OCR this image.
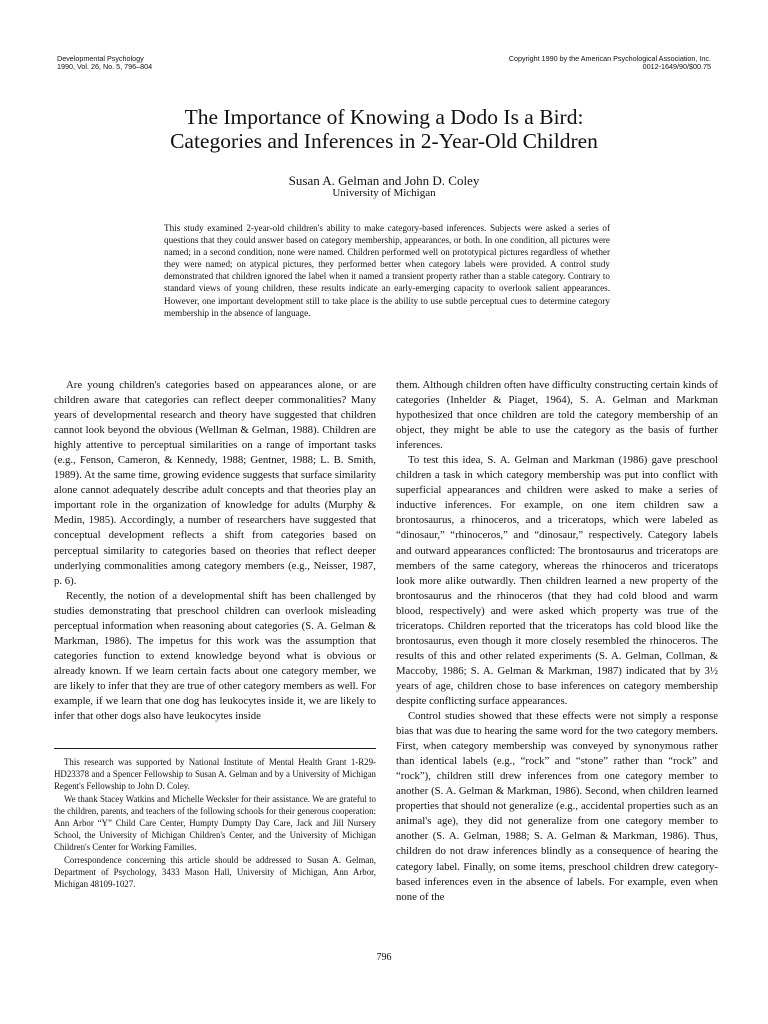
Developmental Psychology
1990, Vol. 26, No. 5, 796–804
Copyright 1990 by the American Psychological Association, Inc.
0012-1649/90/$00.75
The Importance of Knowing a Dodo Is a Bird:
Categories and Inferences in 2-Year-Old Children
Susan A. Gelman and John D. Coley
University of Michigan
This study examined 2-year-old children's ability to make category-based inferences. Subjects were asked a series of questions that they could answer based on category membership, appearances, or both. In one condition, all pictures were named; in a second condition, none were named. Children performed well on prototypical pictures regardless of whether they were named; on atypical pictures, they performed better when category labels were provided. A control study demonstrated that children ignored the label when it named a transient property rather than a stable category. Contrary to standard views of young children, these results indicate an early-emerging capacity to overlook salient appearances. However, one important development still to take place is the ability to use subtle perceptual cues to determine category membership in the absence of language.

Are young children's categories based on appearances alone, or are children aware that categories can reflect deeper commonalities? Many years of developmental research and theory have suggested that children cannot look beyond the obvious (Wellman & Gelman, 1988). Children are highly attentive to perceptual similarities on a range of important tasks (e.g., Fenson, Cameron, & Kennedy, 1988; Gentner, 1988; L. B. Smith, 1989). At the same time, growing evidence suggests that surface similarity alone cannot adequately describe adult concepts and that theories play an important role in the organization of knowledge for adults (Murphy & Medin, 1985). Accordingly, a number of researchers have suggested that conceptual development reflects a shift from categories based on perceptual similarity to categories based on theories that reflect deeper underlying commonalities among category members (e.g., Neisser, 1987, p. 6).

Recently, the notion of a developmental shift has been challenged by studies demonstrating that preschool children can overlook misleading perceptual information when reasoning about categories (S. A. Gelman & Markman, 1986). The impetus for this work was the assumption that categories function to extend knowledge beyond what is obvious or already known. If we learn certain facts about one category member, we are likely to infer that they are true of other category members as well. For example, if we learn that one dog has leukocytes inside it, we are likely to infer that other dogs also have leukocytes inside

them. Although children often have difficulty constructing certain kinds of categories (Inhelder & Piaget, 1964), S. A. Gelman and Markman hypothesized that once children are told the category membership of an object, they might be able to use the category as the basis of further inferences.

To test this idea, S. A. Gelman and Markman (1986) gave preschool children a task in which category membership was put into conflict with superficial appearances and children were asked to make a series of inductive inferences. For example, on one item children saw a brontosaurus, a rhinoceros, and a triceratops, which were labeled as “dinosaur,” “rhinoceros,” and “dinosaur,” respectively. Category labels and outward appearances conflicted: The brontosaurus and triceratops are members of the same category, whereas the rhinoceros and triceratops look more alike outwardly. Then children learned a new property of the brontosaurus and the rhinoceros (that they had cold blood and warm blood, respectively) and were asked which property was true of the triceratops. Children reported that the triceratops has cold blood like the brontosaurus, even though it more closely resembled the rhinoceros. The results of this and other related experiments (S. A. Gelman, Collman, & Maccoby, 1986; S. A. Gelman & Markman, 1987) indicated that by 3½ years of age, children chose to base inferences on category membership despite conflicting surface appearances.

Control studies showed that these effects were not simply a response bias that was due to hearing the same word for the two category members. First, when category membership was conveyed by synonymous rather than identical labels (e.g., “rock” and “stone” rather than “rock” and “rock”), children still drew inferences from one category member to another (S. A. Gelman & Markman, 1986). Second, when children learned properties that should not generalize (e.g., accidental properties such as an animal's age), they did not generalize from one category member to another (S. A. Gelman, 1988; S. A. Gelman & Markman, 1986). Thus, children do not draw inferences blindly as a consequence of hearing the category label. Finally, on some items, preschool children drew category-based inferences even in the absence of labels. For example, even when none of the

This research was supported by National Institute of Mental Health Grant 1-R29-HD23378 and a Spencer Fellowship to Susan A. Gelman and by a University of Michigan Regent's Fellowship to John D. Coley.

We thank Stacey Watkins and Michelle Wecksler for their assistance. We are grateful to the children, parents, and teachers of the following schools for their generous cooperation: Ann Arbor “Y” Child Care Center, Humpty Dumpty Day Care, Jack and Jill Nursery School, the University of Michigan Children's Center, and the University of Michigan Children's Center for Working Families.

Correspondence concerning this article should be addressed to Susan A. Gelman, Department of Psychology, 3433 Mason Hall, University of Michigan, Ann Arbor, Michigan 48109-1027.

796
